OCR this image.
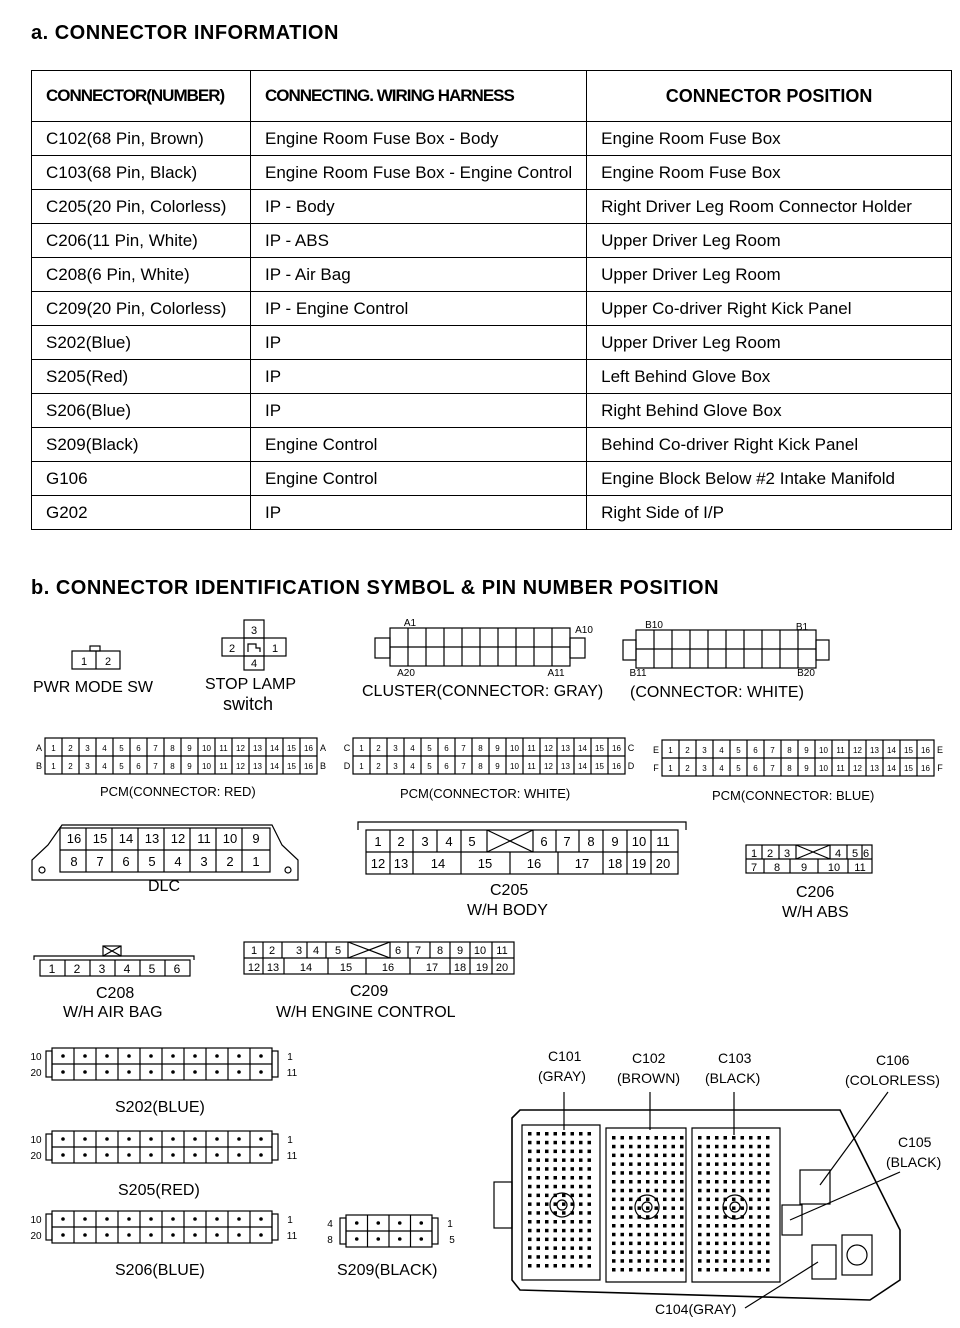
a. CONNECTOR INFORMATION
CONNECTOR(NUMBER)	CONNECTING. WIRING HARNESS	CONNECTOR POSITION
C102(68 Pin, Brown)	Engine Room Fuse Box - Body	Engine Room Fuse Box
C103(68 Pin, Black)	Engine Room Fuse Box - Engine Control	Engine Room Fuse Box
C205(20 Pin, Colorless)	IP - Body	Right Driver Leg Room Connector Holder
C206(11 Pin, White)	IP - ABS	Upper Driver Leg Room
C208(6 Pin, White)	IP - Air Bag	Upper Driver Leg Room
C209(20 Pin, Colorless)	IP - Engine Control	Upper Co-driver Right Kick Panel
S202(Blue)	IP	Upper Driver Leg Room
S205(Red)	IP	Left Behind Glove Box
S206(Blue)	IP	Right Behind Glove Box
S209(Black)	Engine Control	Behind Co-driver Right Kick Panel
G106	Engine Control	Engine Block Below #2 Intake Manifold
G202	IP	Right Side of I/P
b. CONNECTOR IDENTIFICATION SYMBOL & PIN NUMBER POSITION
1 2
3
2	1
4
A1
A10
A20	A11
B10	B1
B11	B20
1
1
2
2
3
3
4
4
5
5
6
6
7
7
8
8
9
9
10
10
11
11
12
12
13
13
14
14
15
15
16
16
A
B
A
B
1
1
2
2
3
3
4
4
5
5
6
6
7
7
8
8
9
9
10
10
11
11
12
12
13
13
14
14
15
15
16
16
C
D
C
D
1
1
2
2
3
3
4
4
5
5
6
6
7
7
8
8
9
9
10
10
11
11
12
12
13
13
14
14
15
15
16
16
E
F
E
F
16 15 14 13 12 11 10 9
8 7 6 5 4 3 2 1
1 2 3 4 5	6 7 8 9 10 11
12 13 14	15	16	17 18 19 20
1 2 3	4 5 6
7 8 9 10 11
1 2 3 4 5 6
1 2 3 4 5	6 7 8 9 10 11
12 13 14	15	16	17 18 19 20
10
20
1
11
10
20
1
11
10
20
1
11
4
8
1
5
PWR MODE SW	STOP LAMP
switch
CLUSTER(CONNECTOR: GRAY) (CONNECTOR: WHITE)
PCM(CONNECTOR: RED)	PCM(CONNECTOR: WHITE)	PCM(CONNECTOR: BLUE)
DLC	C205
W/H BODY
C206
W/H ABS
C208
W/H AIR BAG
C209
W/H ENGINE CONTROL
S202(BLUE)
S205(RED)
S206(BLUE)	S209(BLACK)
C101
(GRAY)
C102
(BROWN)
C103
(BLACK)
C106
(COLORLESS)
C105
(BLACK)
C104(GRAY)
